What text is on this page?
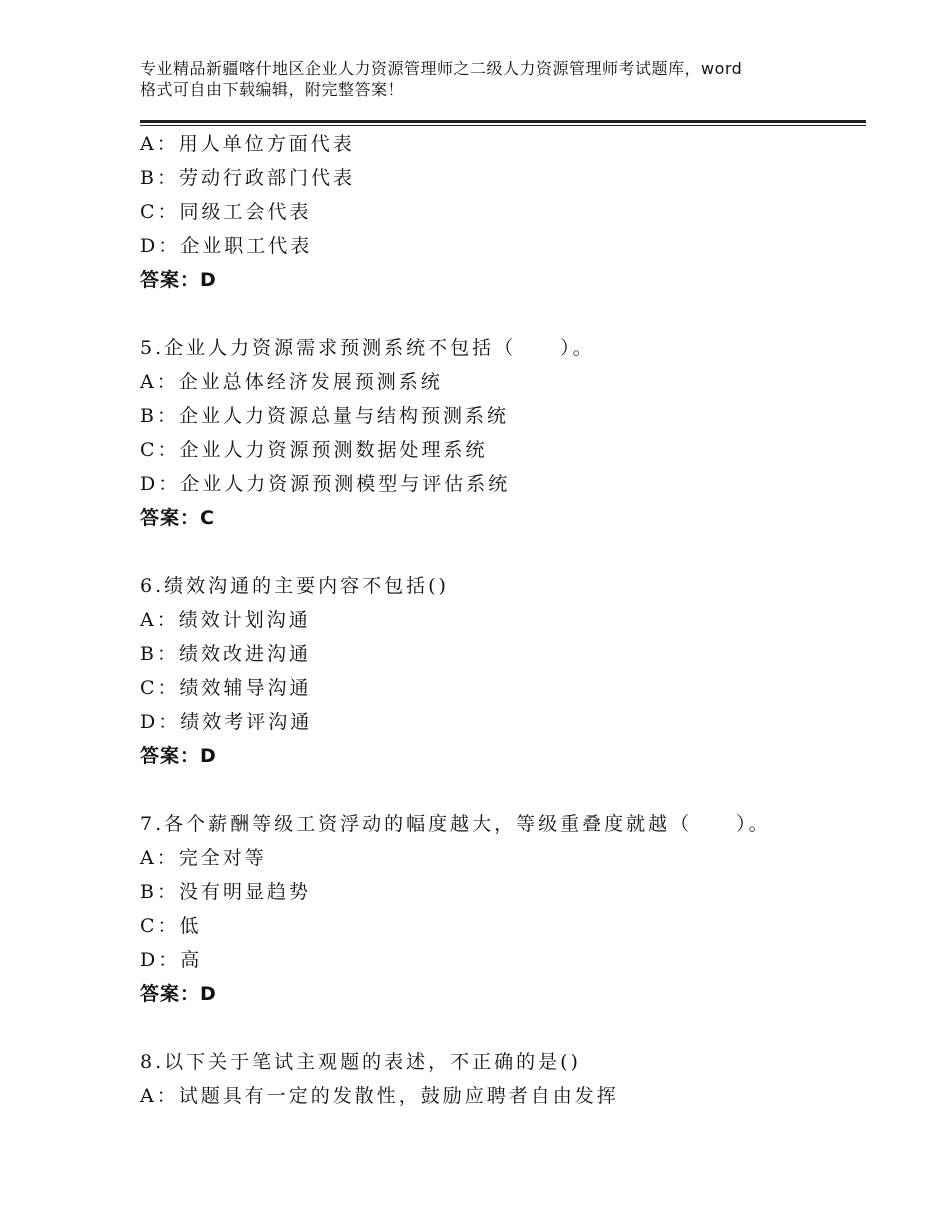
专业精品新疆喀什地区企业人力资源管理师之二级人力资源管理师考试题库，word
格式可自由下载编辑，附完整答案！
A：用人单位方面代表
B：劳动行政部门代表
C：同级工会代表
D：企业职工代表
答案：D
5.企业人力资源需求预测系统不包括（　　）。
A：企业总体经济发展预测系统
B：企业人力资源总量与结构预测系统
C：企业人力资源预测数据处理系统
D：企业人力资源预测模型与评估系统
答案：C
6.绩效沟通的主要内容不包括()
A：绩效计划沟通
B：绩效改进沟通
C：绩效辅导沟通
D：绩效考评沟通
答案：D
7.各个薪酬等级工资浮动的幅度越大，等级重叠度就越（　　）。
A：完全对等
B：没有明显趋势
C：低
D：高
答案：D
8.以下关于笔试主观题的表述，不正确的是()
A：试题具有一定的发散性，鼓励应聘者自由发挥
